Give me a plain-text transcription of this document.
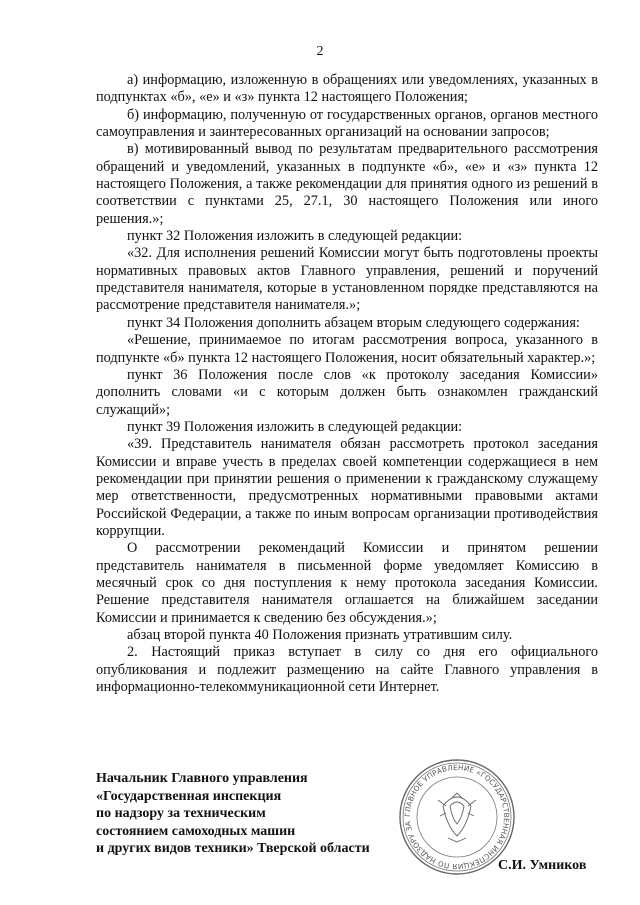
2

а) информацию, изложенную в обращениях или уведомлениях, указанных в подпунктах «б», «е» и «з» пункта 12 настоящего Положения;

б) информацию, полученную от государственных органов, органов местного самоуправления и заинтересованных организаций на основании запросов;

в) мотивированный вывод по результатам предварительного рассмотрения обращений и уведомлений, указанных в подпункте «б», «е» и «з» пункта 12 настоящего Положения, а также рекомендации для принятия одного из решений в соответствии с пунктами 25, 27.1, 30 настоящего Положения или иного решения.»;

пункт 32 Положения изложить в следующей редакции:

«32. Для исполнения решений Комиссии могут быть подготовлены проекты нормативных правовых актов Главного управления, решений и поручений представителя нанимателя, которые в установленном порядке представляются на рассмотрение представителя нанимателя.»;

пункт 34 Положения дополнить абзацем вторым следующего содержания:

«Решение, принимаемое по итогам рассмотрения вопроса, указанного в подпункте «б» пункта 12 настоящего Положения, носит обязательный характер.»;

пункт 36 Положения после слов «к протоколу заседания Комиссии» дополнить словами «и с которым должен быть ознакомлен гражданский служащий»;

пункт 39 Положения изложить в следующей редакции:

«39. Представитель нанимателя обязан рассмотреть протокол заседания Комиссии и вправе учесть в пределах своей компетенции содержащиеся в нем рекомендации при принятии решения о применении к гражданскому служащему мер ответственности, предусмотренных нормативными правовыми актами Российской Федерации, а также по иным вопросам организации противодействия коррупции.

О рассмотрении рекомендаций Комиссии и принятом решении представитель нанимателя в письменной форме уведомляет Комиссию в месячный срок со дня поступления к нему протокола заседания Комиссии. Решение представителя нанимателя оглашается на ближайшем заседании Комиссии и принимается к сведению без обсуждения.»;

абзац второй пункта 40 Положения признать утратившим силу.

2. Настоящий приказ вступает в силу со дня его официального опубликования и подлежит размещению на сайте Главного управления в информационно-телекоммуникационной сети Интернет.

Начальник Главного управления
«Государственная инспекция
по надзору за техническим
состоянием самоходных машин
и других видов техники» Тверской области
ГЛАВНОЕ УПРАВЛЕНИЕ «ГОСУДАРСТВЕННАЯ ИНСПЕКЦИЯ ПО НАДЗОРУ ЗА
С.И. Умников
